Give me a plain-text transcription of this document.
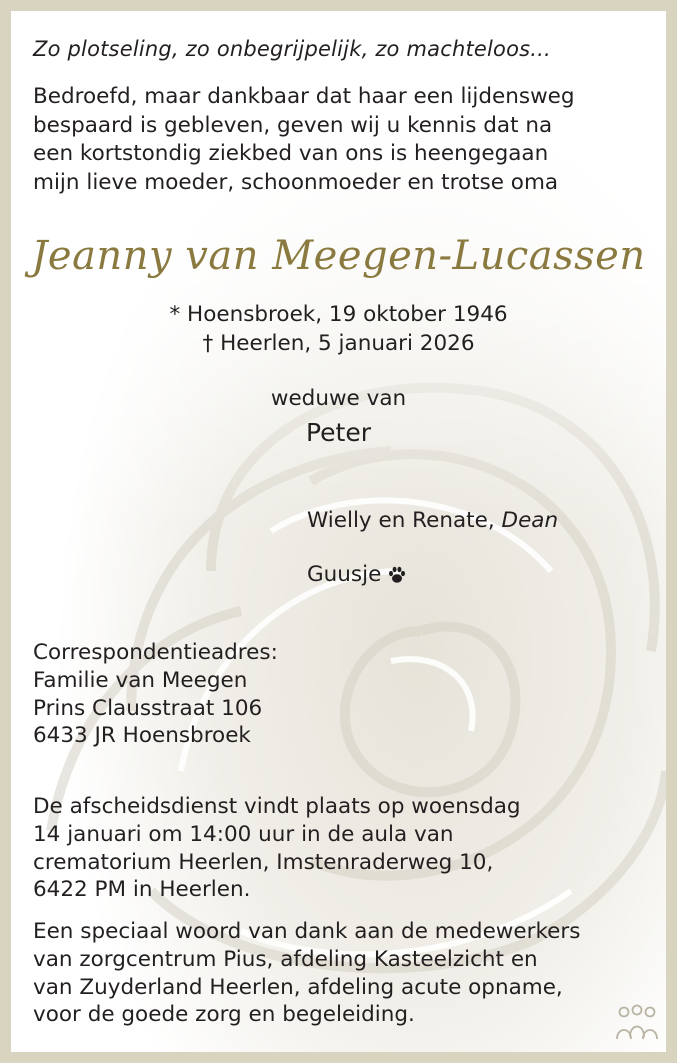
Zo plotseling, zo onbegrijpelijk, zo machteloos...
Bedroefd, maar dankbaar dat haar een lijdensweg
bespaard is gebleven, geven wij u kennis dat na
een kortstondig ziekbed van ons is heengegaan
mijn lieve moeder, schoonmoeder en trotse oma
Jeanny van Meegen-Lucassen
* Hoensbroek, 19 oktober 1946
† Heerlen, 5 januari 2026
weduwe van
Peter
Wielly en Renate, Dean
Guusje
Correspondentieadres:
Familie van Meegen
Prins Clausstraat 106
6433 JR Hoensbroek
De afscheidsdienst vindt plaats op woensdag
14 januari om 14:00 uur in de aula van
crematorium Heerlen, Imstenraderweg 10,
6422 PM in Heerlen.
Een speciaal woord van dank aan de medewerkers
van zorgcentrum Pius, afdeling Kasteelzicht en
van Zuyderland Heerlen, afdeling acute opname,
voor de goede zorg en begeleiding.
